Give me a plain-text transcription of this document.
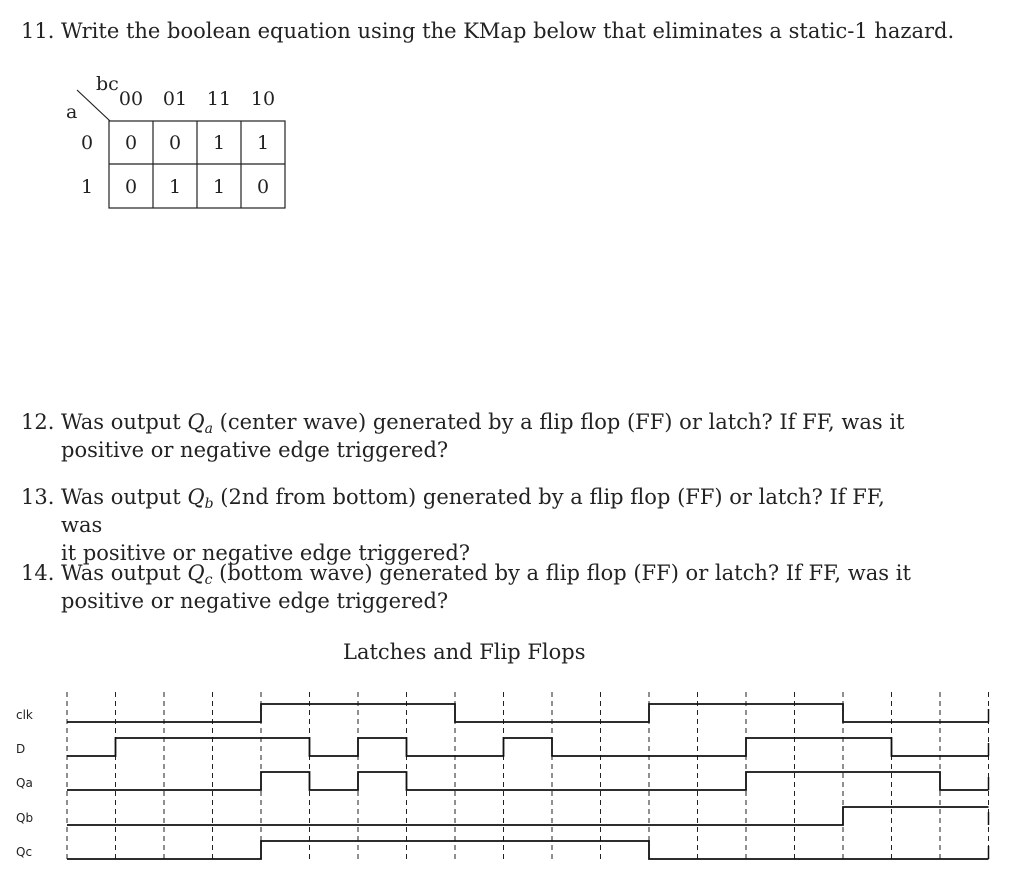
11. Write the boolean equation using the KMap below that eliminates a static-1 hazard.
bc
a
00 01 11 10
0
1
0 0 1 1
0 1 1 0
12. Was output $Q_a$ (center wave) generated by a flip flop (FF) or latch? If FF, was it
positive or negative edge triggered?
13. Was output $Q_b$ (2nd from bottom) generated by a flip flop (FF) or latch? If FF, was
it positive or negative edge triggered?
14. Was output $Q_c$ (bottom wave) generated by a flip flop (FF) or latch? If FF, was it
positive or negative edge triggered?
Latches and Flip Flops
clk
D
Qa
Qb
Qc
